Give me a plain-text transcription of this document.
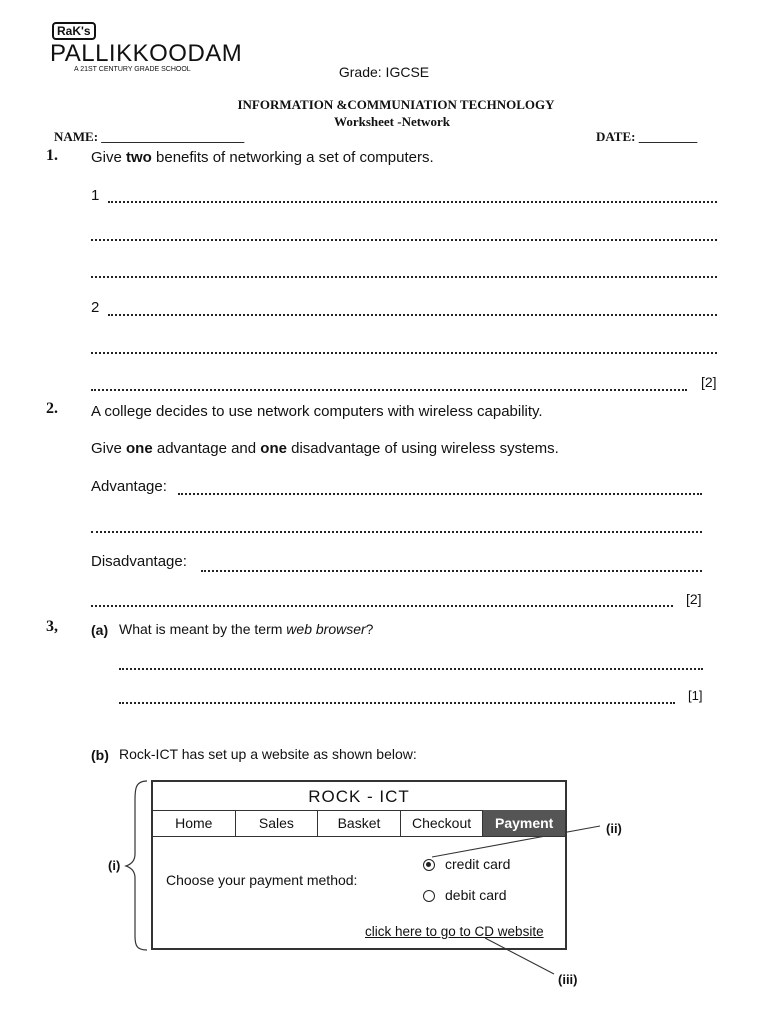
RaK's
PALLIKKOODAM
A 21ST CENTURY GRADE SCHOOL	Grade: IGCSE
INFORMATION &COMMUNIATION TECHNOLOGY
Worksheet -Network
NAME: ______________________	DATE: _________
1. Give two benefits of networking a set of computers.
1
2
[2]
2. A college decides to use network computers with wireless capability.
Give one advantage and one disadvantage of using wireless systems.
Advantage:
Disadvantage:
[2]
3, (a) What is meant by the term web browser?
[1]
(b) Rock-ICT has set up a website as shown below:
(i)
(ii)
(iii)
ROCK - ICT
Home	Sales	Basket	Checkout	Payment
Choose your payment method:
credit card
debit card
click here to go to CD website
